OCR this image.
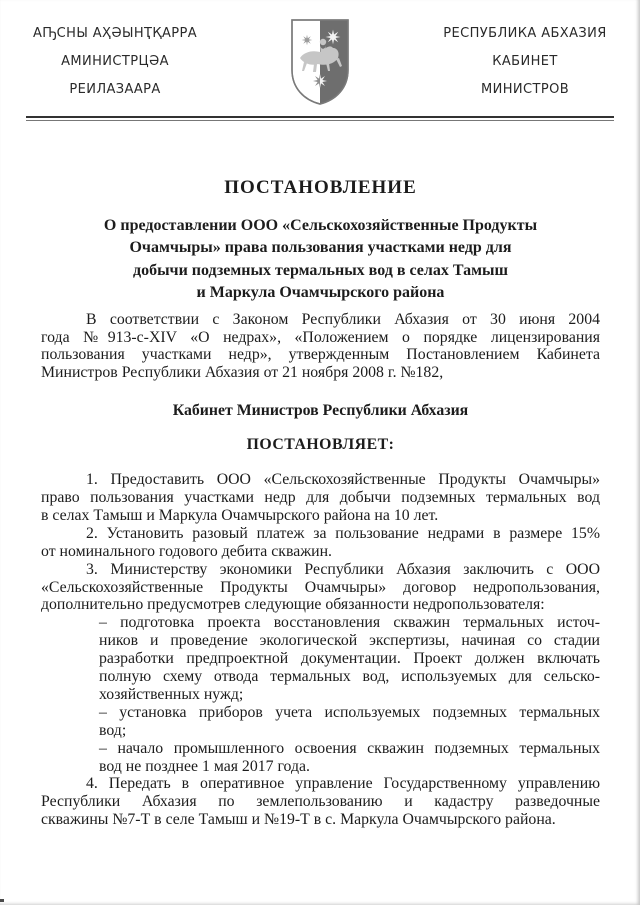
АҦСНЫ АҲӘЫНҬҚАРРА
АМИНИСТРЦӘА
РЕИЛАЗААРА
РЕСПУБЛИКА АБХАЗИЯ
КАБИНЕТ
МИНИСТРОВ
ПОСТАНОВЛЕНИЕ
О предоставлении ООО «Сельскохозяйственные Продукты
Очамчыры» права пользования участками недр для
добычи подземных термальных вод в селах Тамыш
и Маркула Очамчырского района
В соответствии с Законом Республики Абхазия от 30 июня 2004
года №913-с-XIV «О недрах», «Положением о порядке лицензирования
пользования участками недр», утвержденным Постановлением Кабинета
Министров Республики Абхазия от 21 ноября 2008 г. №182,
Кабинет Министров Республики Абхазия
ПОСТАНОВЛЯЕТ:
1. Предоставить ООО «Сельскохозяйственные Продукты Очамчыры»
право пользования участками недр для добычи подземных термальных вод
в селах Тамыш и Маркула Очамчырского района на 10 лет.
2. Установить разовый платеж за пользование недрами в размере 15%
от номинального годового дебита скважин.
3. Министерству экономики Республики Абхазия заключить с ООО
«Сельскохозяйственные Продукты Очамчыры» договор недропользования,
дополнительно предусмотрев следующие обязанности недропользователя:
– подготовка проекта восстановления скважин термальных источ-
ников и проведение экологической экспертизы, начиная со стадии
разработки предпроектной документации. Проект должен включать
полную схему отвода термальных вод, используемых для сельско-
хозяйственных нужд;
– установка приборов учета используемых подземных термальных
вод;
– начало промышленного освоения скважин подземных термальных
вод не позднее 1 мая 2017 года.
4. Передать в оперативное управление Государственному управлению
Республики Абхазия по землепользованию и кадастру разведочные
скважины №7-Т в селе Тамыш и №19-Т в с. Маркула Очамчырского района.
